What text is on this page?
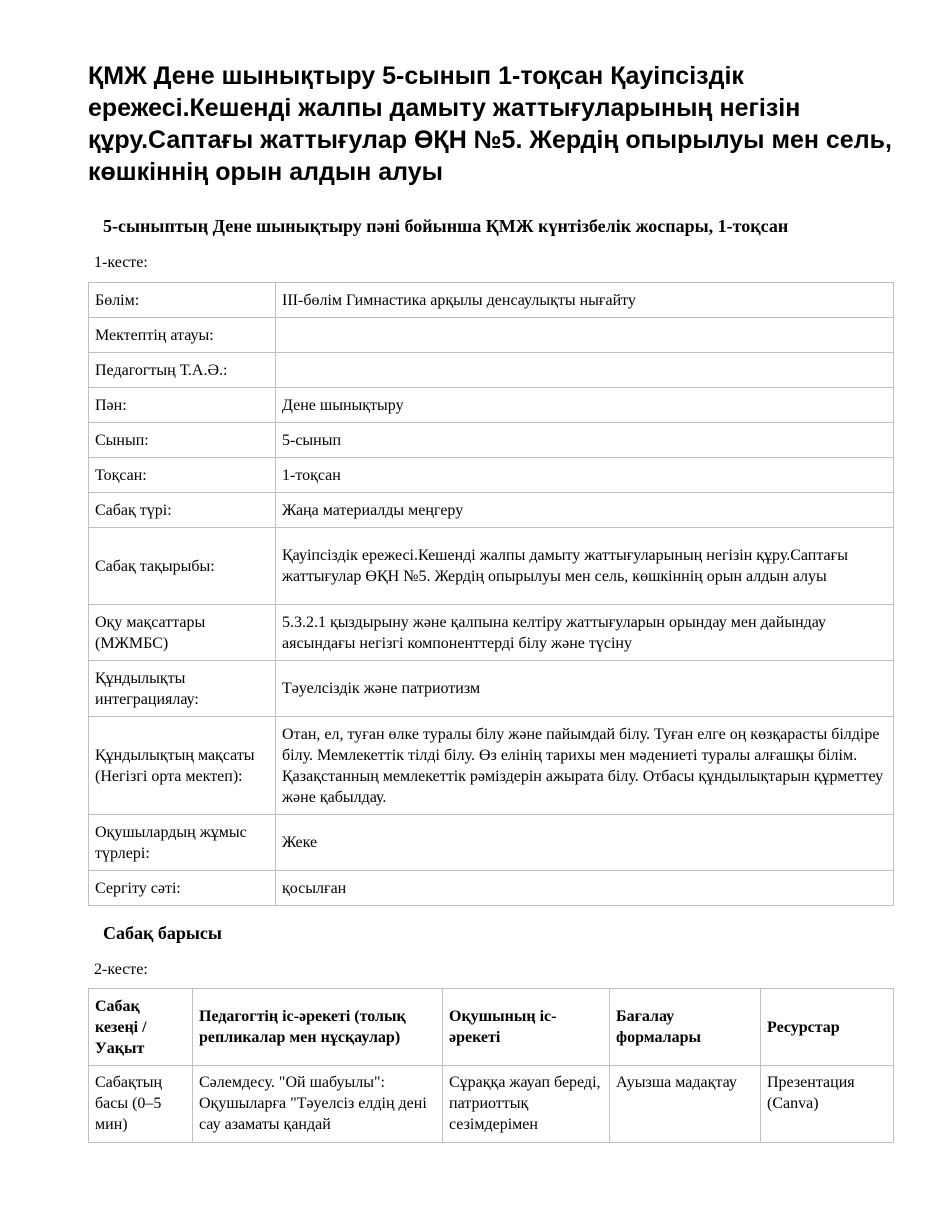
ҚМЖ Дене шынықтыру 5-сынып 1-тоқсан Қауіпсіздік ережесі.Кешенді жалпы дамыту жаттығуларының негізін құру.Саптағы жаттығулар ӨҚН №5. Жердің опырылуы мен сель, көшкіннің орын алдын алуы
5-сыныптың Дене шынықтыру пәні бойынша ҚМЖ күнтізбелік жоспары, 1-тоқсан

1-кесте:

Бөлім:	ІІІ-бөлім Гимнастика арқылы денсаулықты нығайту
Мектептің атауы:	
Педагогтың Т.А.Ә.:	
Пән:	Дене шынықтыру
Сынып:	5-сынып
Тоқсан:	1-тоқсан
Сабақ түрі:	Жаңа материалды меңгеру
Сабақ тақырыбы:	Қауіпсіздік ережесі.Кешенді жалпы дамыту жаттығуларының негізін құру.Саптағы жаттығулар ӨҚН №5. Жердің опырылуы мен сель, көшкіннің орын алдын алуы
Оқу мақсаттары (МЖМБС)	5.3.2.1 қыздырыну және қалпына келтіру жаттығуларын орындау мен дайындау аясындағы негізгі компоненттерді білу және түсіну
Құндылықты интеграциялау:	Тәуелсіздік және патриотизм
Құндылықтың мақсаты (Негізгі орта мектеп):	Отан, ел, туған өлке туралы білу және пайымдай білу. Туған елге оң көзқарасты білдіре білу. Мемлекеттік тілді білу. Өз елінің тарихы мен мәдениеті туралы алғашқы білім. Қазақстанның мемлекеттік рәміздерін ажырата білу. Отбасы құндылықтарын құрметтеу және қабылдау.
Оқушылардың жұмыс түрлері:	Жеке
Сергіту сәті:	қосылған
Сабақ барысы

2-кесте:

Сабақ кезеңі / Уақыт	Педагогтің іс-әрекеті (толық репликалар мен нұсқаулар)	Оқушының іс-әрекеті	Бағалау формалары	Ресурстар
Сабақтың басы (0–5 мин)	Сәлемдесу. "Ой шабуылы": Оқушыларға "Тәуелсіз елдің дені сау азаматы қандай	Сұраққа жауап береді, патриоттық сезімдерімен	Ауызша мадақтау	Презентация (Canva)
